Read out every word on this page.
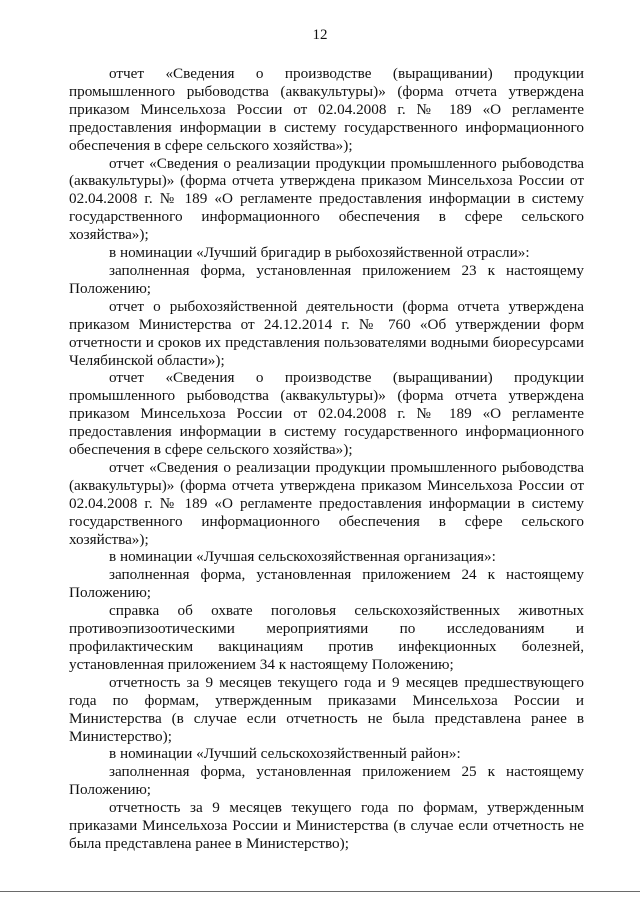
12

отчет «Сведения о производстве (выращивании) продукции промышленного рыбоводства (аквакультуры)» (форма отчета утверждена приказом Минсельхоза России от 02.04.2008 г. № 189 «О регламенте предоставления информации в систему государственного информационного обеспечения в сфере сельского хозяйства»);

отчет «Сведения о реализации продукции промышленного рыбоводства (аквакультуры)» (форма отчета утверждена приказом Минсельхоза России от 02.04.2008 г. № 189 «О регламенте предоставления информации в систему государственного информационного обеспечения в сфере сельского хозяйства»);

в номинации «Лучший бригадир в рыбохозяйственной отрасли»:

заполненная форма, установленная приложением 23 к настоящему Положению;

отчет о рыбохозяйственной деятельности (форма отчета утверждена приказом Министерства от 24.12.2014 г. № 760 «Об утверждении форм отчетности и сроков их представления пользователями водными биоресурсами Челябинской области»);

отчет «Сведения о производстве (выращивании) продукции промышленного рыбоводства (аквакультуры)» (форма отчета утверждена приказом Минсельхоза России от 02.04.2008 г. № 189 «О регламенте предоставления информации в систему государственного информационного обеспечения в сфере сельского хозяйства»);

отчет «Сведения о реализации продукции промышленного рыбоводства (аквакультуры)» (форма отчета утверждена приказом Минсельхоза России от 02.04.2008 г. № 189 «О регламенте предоставления информации в систему государственного информационного обеспечения в сфере сельского хозяйства»);

в номинации «Лучшая сельскохозяйственная организация»:

заполненная форма, установленная приложением 24 к настоящему Положению;

справка об охвате поголовья сельскохозяйственных животных противоэпизоотическими мероприятиями по исследованиям и профилактическим вакцинациям против инфекционных болезней, установленная приложением 34 к настоящему Положению;

отчетность за 9 месяцев текущего года и 9 месяцев предшествующего года по формам, утвержденным приказами Минсельхоза России и Министерства (в случае если отчетность не была представлена ранее в Министерство);

в номинации «Лучший сельскохозяйственный район»:

заполненная форма, установленная приложением 25 к настоящему Положению;

отчетность за 9 месяцев текущего года по формам, утвержденным приказами Минсельхоза России и Министерства (в случае если отчетность не была представлена ранее в Министерство);
